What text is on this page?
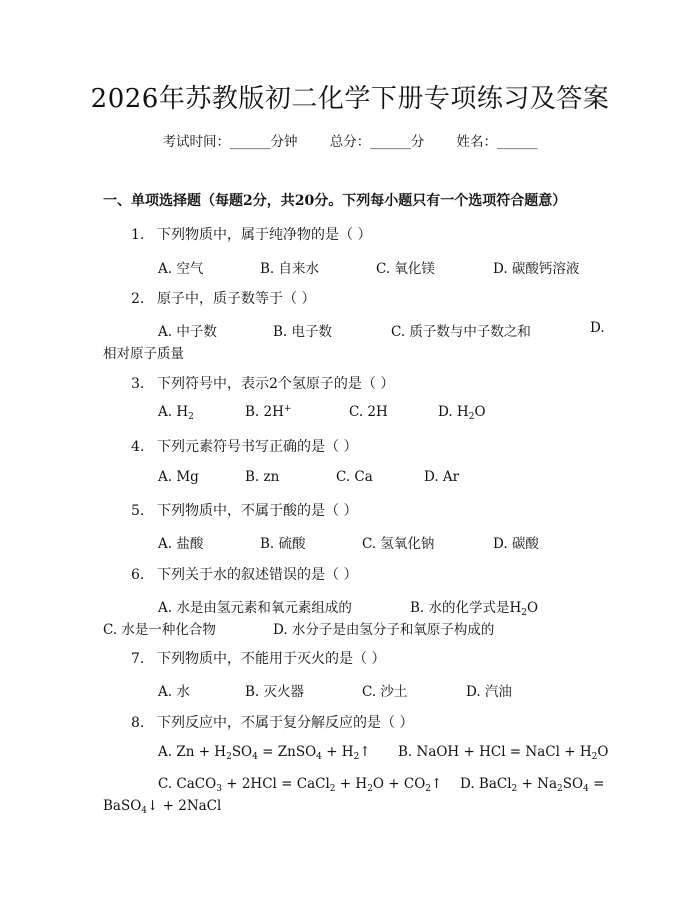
2026年苏教版初二化学下册专项练习及答案
考试时间：______分钟 总分：______分 姓名：______
一、单项选择题（每题2分，共20分。下列每小题只有一个选项符合题意）
1. 下列物质中，属于纯净物的是（ ）
A. 空气	B. 自来水	C. 氧化镁	D. 碳酸钙溶液
2. 原子中，质子数等于（ ）
A. 中子数	B. 电子数	C. 质子数与中子数之和	D.
相对原子质量
3. 下列符号中，表示2个氢原子的是（ ）
A. $H_2$	B. 2H+	C. 2H	D. $H_2O$
4. 下列元素符号书写正确的是（ ）
A. Mg	B. zn	C. Ca	D. Ar
5. 下列物质中，不属于酸的是（ ）
A. 盐酸	B. 硫酸	C. 氢氧化钠	D. 碳酸
6. 下列关于水的叙述错误的是（ ）
A. 水是由氢元素和氧元素组成的	B. 水的化学式是$H_2O$
C. 水是一种化合物	D. 水分子是由氢分子和氧原子构成的
7. 下列物质中，不能用于灭火的是（ ）
A. 水	B. 灭火器	C. 沙土	D. 汽油
8. 下列反应中，不属于复分解反应的是（ ）
A. $Zn + H_2SO_4$ = ZnSO$_4$ + $H_2↑$ B. NaOH + HCl = NaCl + $H_2O$
C. CaCO$_3$ + 2HCl = CaCl$_2$ + $H_2O$ + $CO_2↑$ D. BaCl$_2$ + $Na_2SO_4$ =
BaSO$_4$↓ + 2NaCl
